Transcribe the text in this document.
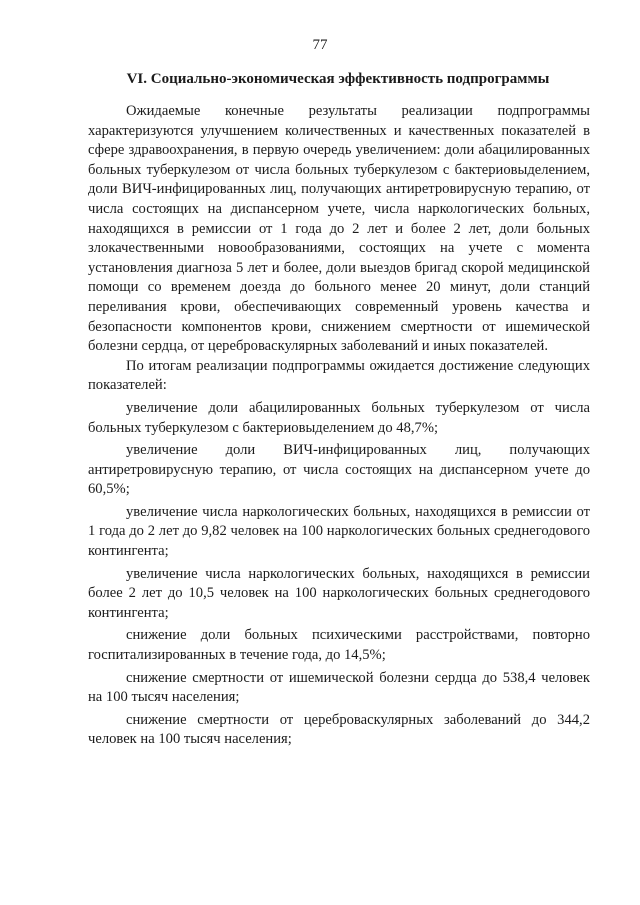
77
VI. Социально-экономическая эффективность подпрограммы

Ожидаемые конечные результаты реализации подпрограммы характеризуются улучшением количественных и качественных показателей в сфере здравоохранения, в первую очередь увеличением: доли абацилированных больных туберкулезом от числа больных туберкулезом с бактериовыделением, доли ВИЧ-инфицированных лиц, получающих антиретровирусную терапию, от числа состоящих на диспансерном учете, числа наркологических больных, находящихся в ремиссии от 1 года до 2 лет и более 2 лет, доли больных злокачественными новообразованиями, состоящих на учете с момента установления диагноза 5 лет и более, доли выездов бригад скорой медицинской помощи со временем доезда до больного менее 20 минут, доли станций переливания крови, обеспечивающих современный уровень качества и безопасности компонентов крови, снижением смертности от ишемической болезни сердца, от цереброваскулярных заболеваний и иных показателей.

По итогам реализации подпрограммы ожидается достижение следующих показателей:

увеличение доли абацилированных больных туберкулезом от числа больных туберкулезом с бактериовыделением до 48,7%;

увеличение доли ВИЧ-инфицированных лиц, получающих антиретровирусную терапию, от числа состоящих на диспансерном учете до 60,5%;

увеличение числа наркологических больных, находящихся в ремиссии от 1 года до 2 лет до 9,82 человек на 100 наркологических больных среднегодового контингента;

увеличение числа наркологических больных, находящихся в ремиссии более 2 лет до 10,5 человек на 100 наркологических больных среднегодового контингента;

снижение доли больных психическими расстройствами, повторно госпитализированных в течение года, до 14,5%;

снижение смертности от ишемической болезни сердца до 538,4 человек на 100 тысяч населения;

снижение смертности от цереброваскулярных заболеваний до 344,2 человек на 100 тысяч населения;
